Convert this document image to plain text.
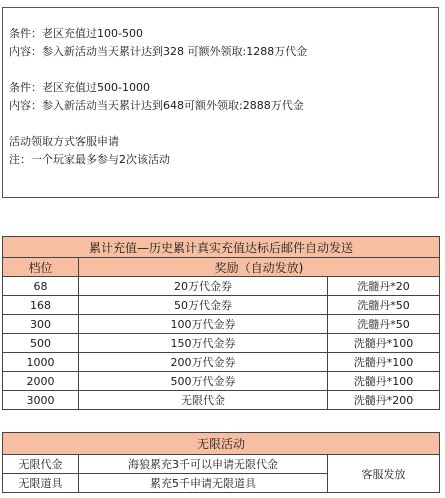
条件：老区充值过100-500
内容：参入新活动当天累计达到328 可额外领取:1288万代金
条件：老区充值过500-1000
内容：参入新活动当天累计达到648可额外领取:2888万代金
活动领取方式客服申请
注：一个玩家最多参与2次该活动
累计充值—历史累计真实充值达标后邮件自动发送		
档位	奖励（自动发放)	
68	20万代金券	洗髓丹*20
168	50万代金券	洗髓丹*50
300	100万代金券	洗髓丹*50
500	150万代金券	洗髓丹*100
1000	200万代金券	洗髓丹*100
2000	500万代金券	洗髓丹*100
3000	无限代金	洗髓丹*200
无限活动		
无限代金	海狼累充3千可以申请无限代金	客服发放
无限道具	累充5千申请无限道具	
